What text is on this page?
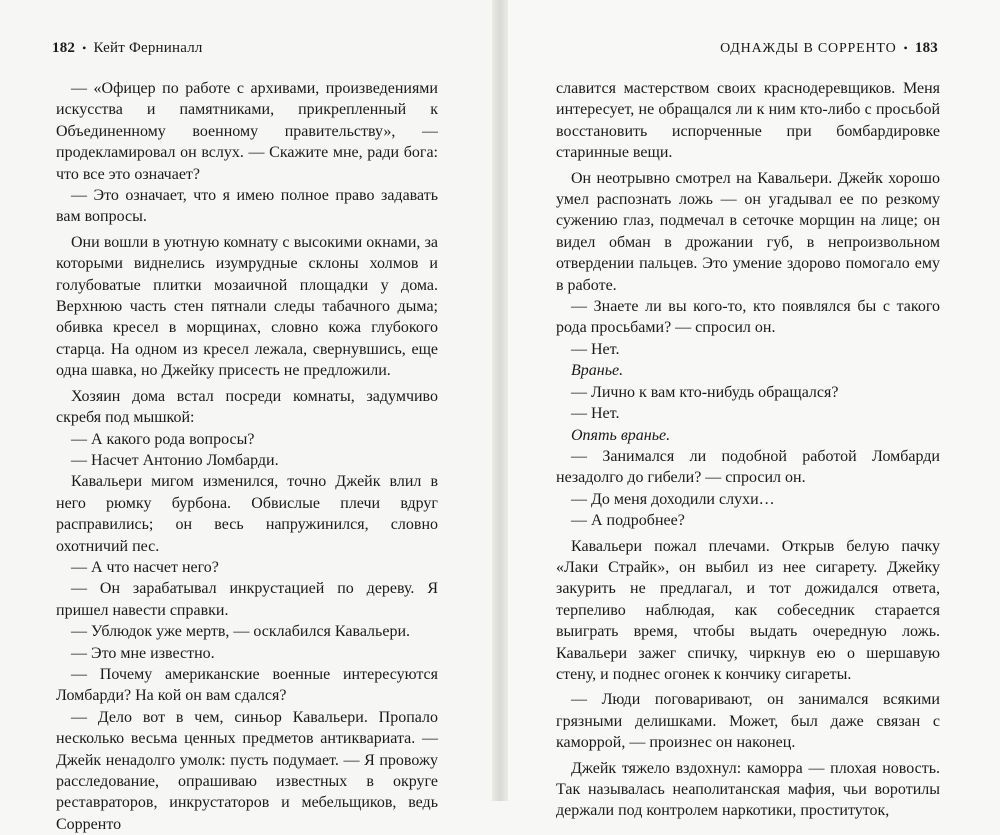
182 • Кейт Ферниналл

— «Офицер по работе с архивами, произведениями искусства и памятниками, прикрепленный к Объединенному военному правительству», — продекламировал он вслух. — Скажите мне, ради бога: что все это означает?

— Это означает, что я имею полное право задавать вам вопросы.

Они вошли в уютную комнату с высокими окнами, за которыми виднелись изумрудные склоны холмов и голубоватые плитки мозаичной площадки у дома. Верхнюю часть стен пятнали следы табачного дыма; обивка кресел в морщинах, словно кожа глубокого старца. На одном из кресел лежала, свернувшись, еще одна шавка, но Джейку присесть не предложили.

Хозяин дома встал посреди комнаты, задумчиво скребя под мышкой:

— А какого рода вопросы?

— Насчет Антонио Ломбарди.

Кавальери мигом изменился, точно Джейк влил в него рюмку бурбона. Обвислые плечи вдруг расправились; он весь напружинился, словно охотничий пес.

— А что насчет него?

— Он зарабатывал инкрустацией по дереву. Я пришел навести справки.

— Ублюдок уже мертв, — осклабился Кавальери.

— Это мне известно.

— Почему американские военные интересуются Ломбарди? На кой он вам сдался?

— Дело вот в чем, синьор Кавальери. Пропало несколько весьма ценных предметов антиквариата. — Джейк ненадолго умолк: пусть подумает. — Я провожу расследование, опрашиваю известных в округе реставраторов, инкрустаторов и мебельщиков, ведь Сорренто

ОДНАЖДЫ В СОРРЕНТО • 183

славится мастерством своих краснодеревщиков. Меня интересует, не обращался ли к ним кто-либо с просьбой восстановить испорченные при бомбардировке старинные вещи.

Он неотрывно смотрел на Кавальери. Джейк хорошо умел распознать ложь — он угадывал ее по резкому сужению глаз, подмечал в сеточке морщин на лице; он видел обман в дрожании губ, в непроизвольном отвердении пальцев. Это умение здорово помогало ему в работе.

— Знаете ли вы кого-то, кто появлялся бы с такого рода просьбами? — спросил он.

— Нет.

Вранье.

— Лично к вам кто-нибудь обращался?

— Нет.

Опять вранье.

— Занимался ли подобной работой Ломбарди незадолго до гибели? — спросил он.

— До меня доходили слухи…

— А подробнее?

Кавальери пожал плечами. Открыв белую пачку «Лаки Страйк», он выбил из нее сигарету. Джейку закурить не предлагал, и тот дожидался ответа, терпеливо наблюдая, как собеседник старается выиграть время, чтобы выдать очередную ложь. Кавальери зажег спичку, чиркнув ею о шершавую стену, и поднес огонек к кончику сигареты.

— Люди поговаривают, он занимался всякими грязными делишками. Может, был даже связан с каморрой, — произнес он наконец.

Джейк тяжело вздохнул: каморра — плохая новость. Так называлась неаполитанская мафия, чьи воротилы держали под контролем наркотики, проституток,
